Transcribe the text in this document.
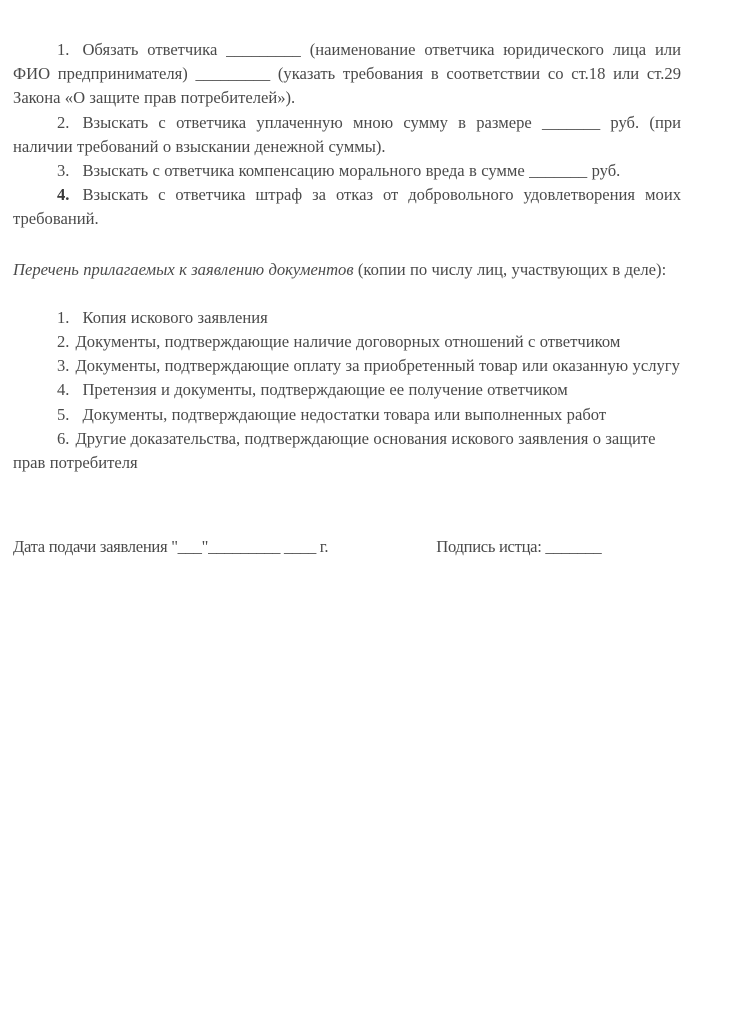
1. Обязать ответчика _________ (наименование ответчика юридического лица или ФИО предпринимателя) _________ (указать требования в соответствии со ст.18 или ст.29 Закона «О защите прав потребителей»).

2. Взыскать с ответчика уплаченную мною сумму в размере _______ руб. (при наличии требований о взыскании денежной суммы).

3. Взыскать с ответчика компенсацию морального вреда в сумме _______ руб.

4. Взыскать с ответчика штраф за отказ от добровольного удовлетворения моих требований.

Перечень прилагаемых к заявлению документов (копии по числу лиц, участвующих в деле):

1. Копия искового заявления

2. Документы, подтверждающие наличие договорных отношений с ответчиком

3. Документы, подтверждающие оплату за приобретенный товар или оказанную услугу

4. Претензия и документы, подтверждающие ее получение ответчиком

5. Документы, подтверждающие недостатки товара или выполненных работ

6. Другие доказательства, подтверждающие основания искового заявления о защите прав потребителя

Дата подачи заявления "___"_________ ____ г.	Подпись истца: _______
